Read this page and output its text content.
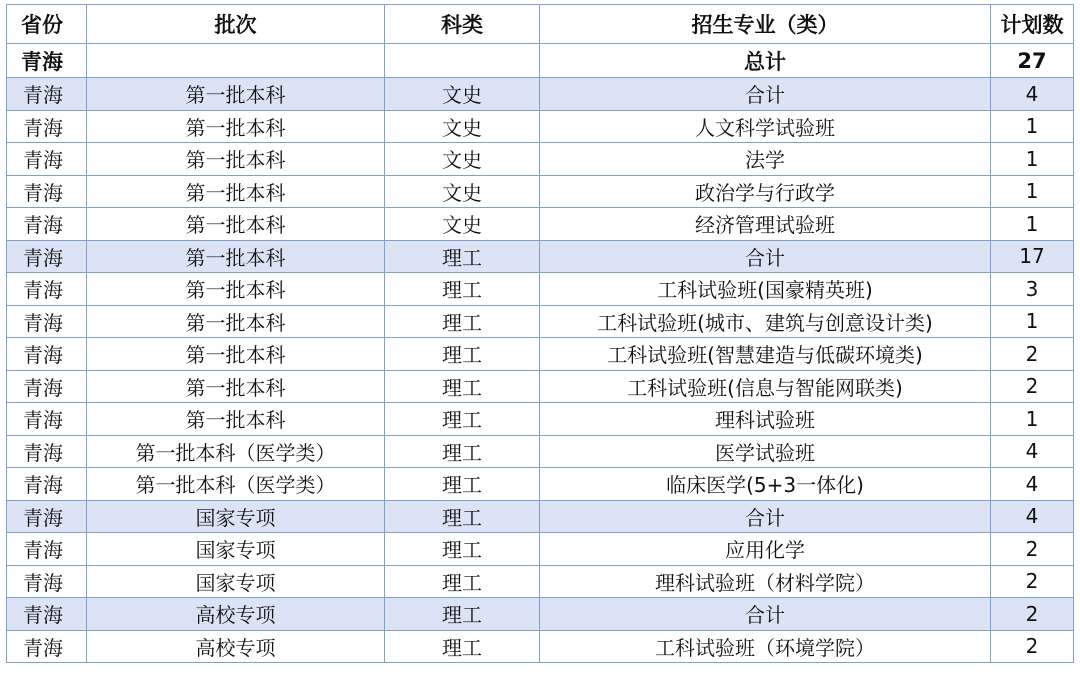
省份	批次	科类	招生专业（类）	计划数
青海			总计	27
青海	第一批本科	文史	合计	4
青海	第一批本科	文史	人文科学试验班	1
青海	第一批本科	文史	法学	1
青海	第一批本科	文史	政治学与行政学	1
青海	第一批本科	文史	经济管理试验班	1
青海	第一批本科	理工	合计	17
青海	第一批本科	理工	工科试验班(国豪精英班)	3
青海	第一批本科	理工	工科试验班(城市、建筑与创意设计类)	1
青海	第一批本科	理工	工科试验班(智慧建造与低碳环境类)	2
青海	第一批本科	理工	工科试验班(信息与智能网联类)	2
青海	第一批本科	理工	理科试验班	1
青海	第一批本科（医学类）	理工	医学试验班	4
青海	第一批本科（医学类）	理工	临床医学(5+3一体化)	4
青海	国家专项	理工	合计	4
青海	国家专项	理工	应用化学	2
青海	国家专项	理工	理科试验班（材料学院）	2
青海	高校专项	理工	合计	2
青海	高校专项	理工	工科试验班（环境学院）	2
